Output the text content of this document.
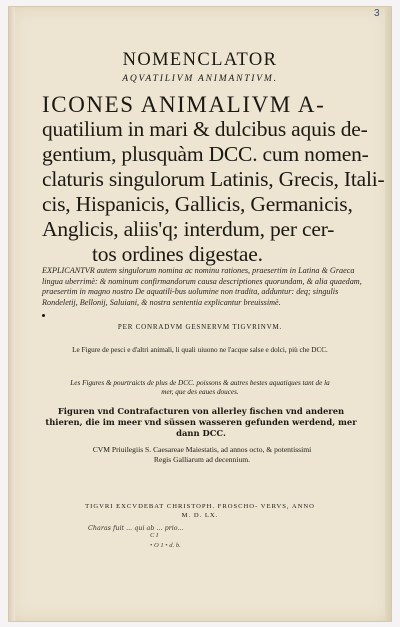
3
NOMENCLATOR
AQVATILIVM ANIMANTIVM.
ICONES ANIMALIVM A-
quatilium in mari & dulcibus aquis de-
gentium, plusquàm DCC. cum nomen-
claturis singulorum Latinis, Grecis, Itali-
cis, Hispanicis, Gallicis, Germanicis,
Anglicis, aliis'q; interdum, per cer-
tos ordines digestae.
EXPLICANTVR autem singulorum nomina ac nominu rationes, praesertim in Latina & Graeca lingua uberrimè: & nominum confirmandorum causa descriptiones quorundam, & alia quaedam, praesertim in magno nostro De aquatili-bus uolumine non tradita, adduntur: deq; singulis Rondeletij, Bellonij, Saluiani, & nostra sententia explicantur breuissimè.
PER CONRADVM GESNERVM TIGVRINVM.
Le Figure de pesci e d'altri animali, li quali uiuono ne l'acque salse e dolci, più che DCC.
Les Figures & pourtraicts de plus de DCC. poissons & autres bestes aquatiques tant de la mer, que des eaues douces.
Figuren vnd Contrafacturen von allerley fischen vnd anderen thieren, die im meer vnd süssen wasseren gefunden werdend, mer dann DCC.
CVM Priuilegiis S. Caesareae Maiestatis, ad annos octo, & potentissimi Regis Galliarum ad decennium.
TIGVRI EXCVDEBAT CHRISTOPH. FROSCHO- VERVS, ANNO M. D. LX.
Charas fuit ... qui ab ... prio...
C I
• O 1 • d. b.
